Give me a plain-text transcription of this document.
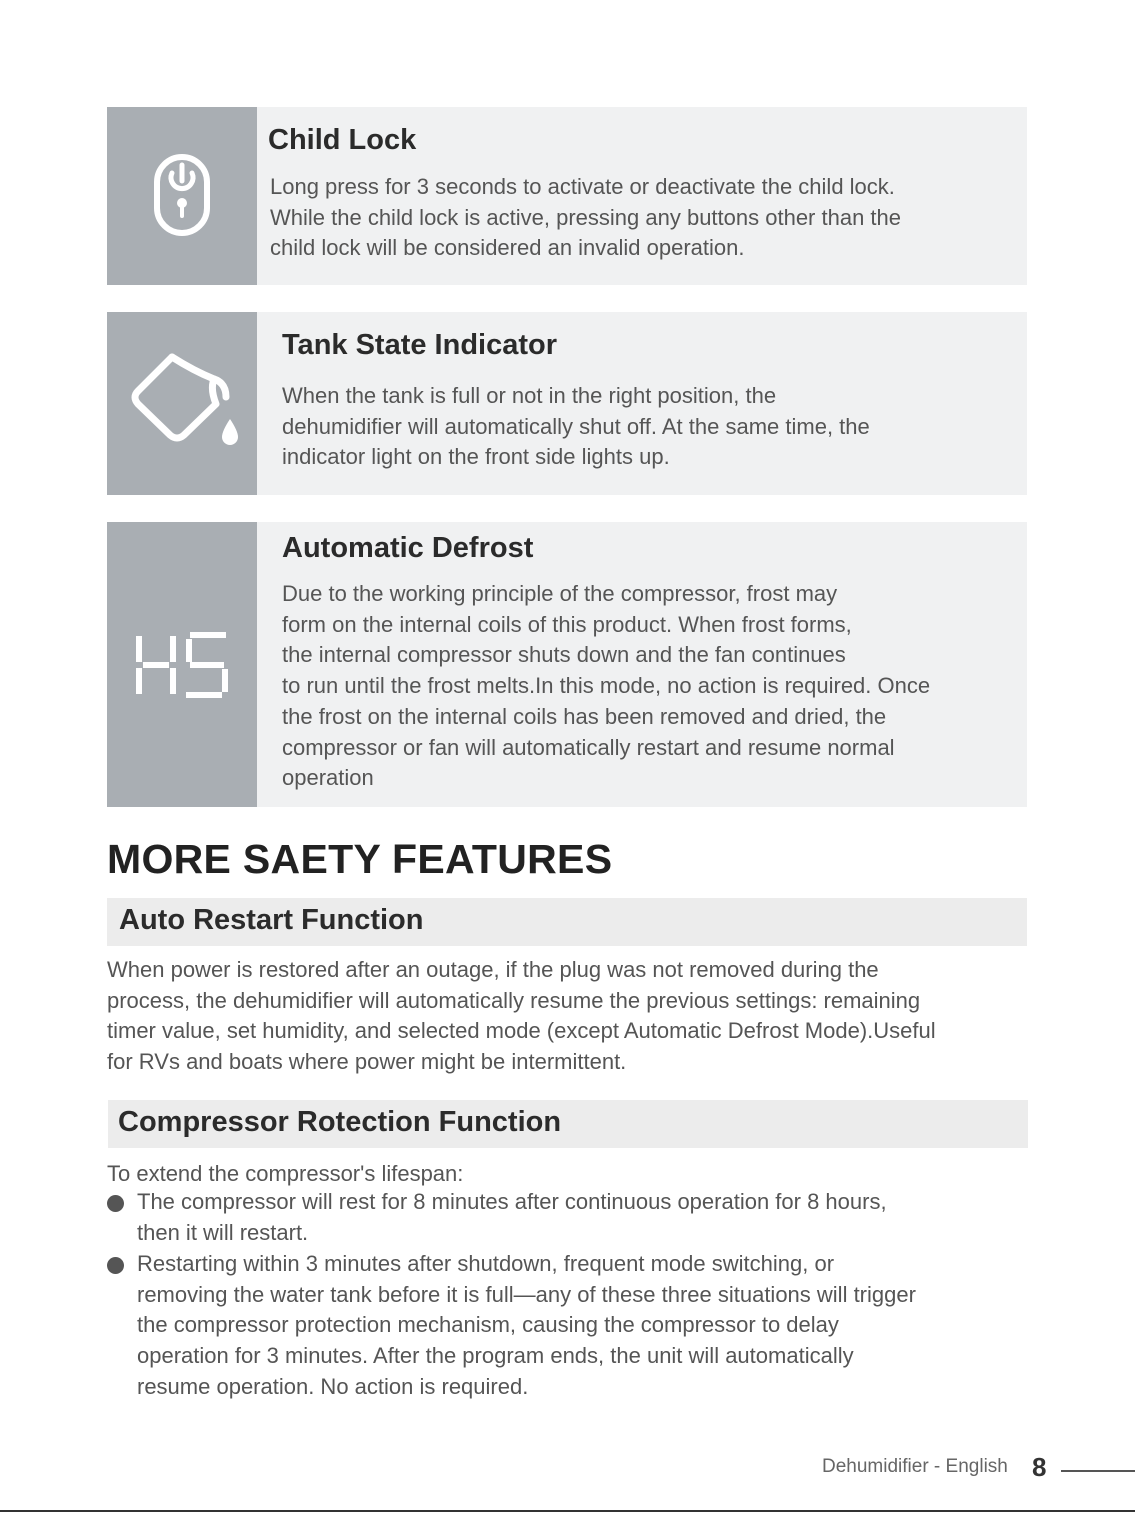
Child Lock

Long press for 3 seconds to activate or deactivate the child lock.
While the child lock is active, pressing any buttons other than the
child lock will be considered an invalid operation.

Tank State Indicator

When the tank is full or not in the right position, the
dehumidifier will automatically shut off. At the same time, the
indicator light on the front side lights up.

Automatic Defrost

Due to the working principle of the compressor, frost may
form on the internal coils of this product. When frost forms,
the internal compressor shuts down and the fan continues
to run until the frost melts.In this mode, no action is required. Once
the frost on the internal coils has been removed and dried, the
compressor or fan will automatically restart and resume normal
operation

MORE SAETY FEATURES
Auto Restart Function

When power is restored after an outage, if the plug was not removed during the
process, the dehumidifier will automatically resume the previous settings: remaining
timer value, set humidity, and selected mode (except Automatic Defrost Mode).Useful
for RVs and boats where power might be intermittent.

Compressor Rotection Function

To extend the compressor's lifespan:

The compressor will rest for 8 minutes after continuous operation for 8 hours,
then it will restart.

Restarting within 3 minutes after shutdown, frequent mode switching, or
removing the water tank before it is full—any of these three situations will trigger
the compressor protection mechanism, causing the compressor to delay
operation for 3 minutes. After the program ends, the unit will automatically
resume operation. No action is required.

Dehumidifier - English 8
